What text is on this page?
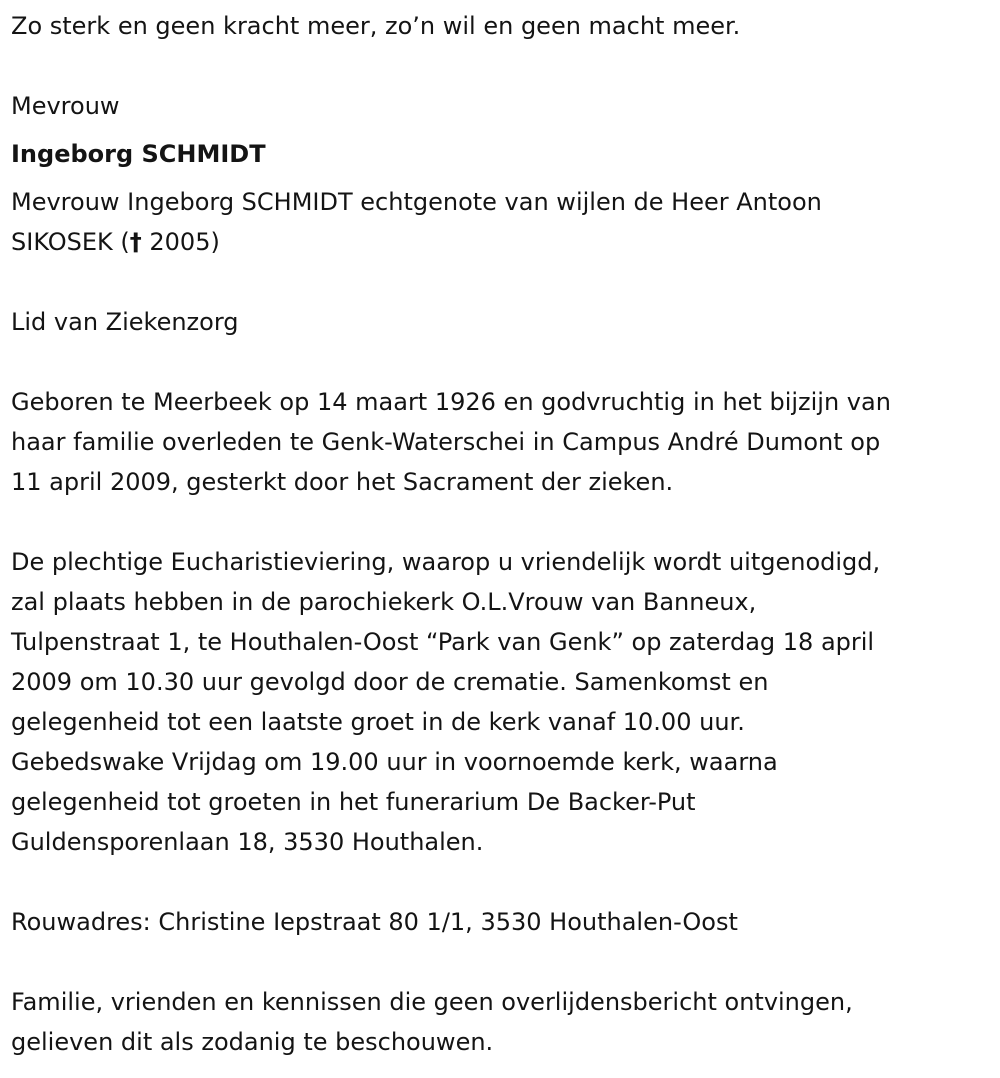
Zo sterk en geen kracht meer, zo’n wil en geen macht meer.
Mevrouw
Ingeborg SCHMIDT
Mevrouw Ingeborg SCHMIDT echtgenote van wijlen de Heer Antoon
SIKOSEK († 2005)
Lid van Ziekenzorg
Geboren te Meerbeek op 14 maart 1926 en godvruchtig in het bijzijn van
haar familie overleden te Genk-Waterschei in Campus André Dumont op
11 april 2009, gesterkt door het Sacrament der zieken.
De plechtige Eucharistieviering, waarop u vriendelijk wordt uitgenodigd,
zal plaats hebben in de parochiekerk O.L.Vrouw van Banneux,
Tulpenstraat 1, te Houthalen-Oost “Park van Genk” op zaterdag 18 april
2009 om 10.30 uur gevolgd door de crematie. Samenkomst en
gelegenheid tot een laatste groet in de kerk vanaf 10.00 uur.
Gebedswake Vrijdag om 19.00 uur in voornoemde kerk, waarna
gelegenheid tot groeten in het funerarium De Backer-Put
Guldensporenlaan 18, 3530 Houthalen.
Rouwadres: Christine Iepstraat 80 1/1, 3530 Houthalen-Oost
Familie, vrienden en kennissen die geen overlijdensbericht ontvingen,
gelieven dit als zodanig te beschouwen.
